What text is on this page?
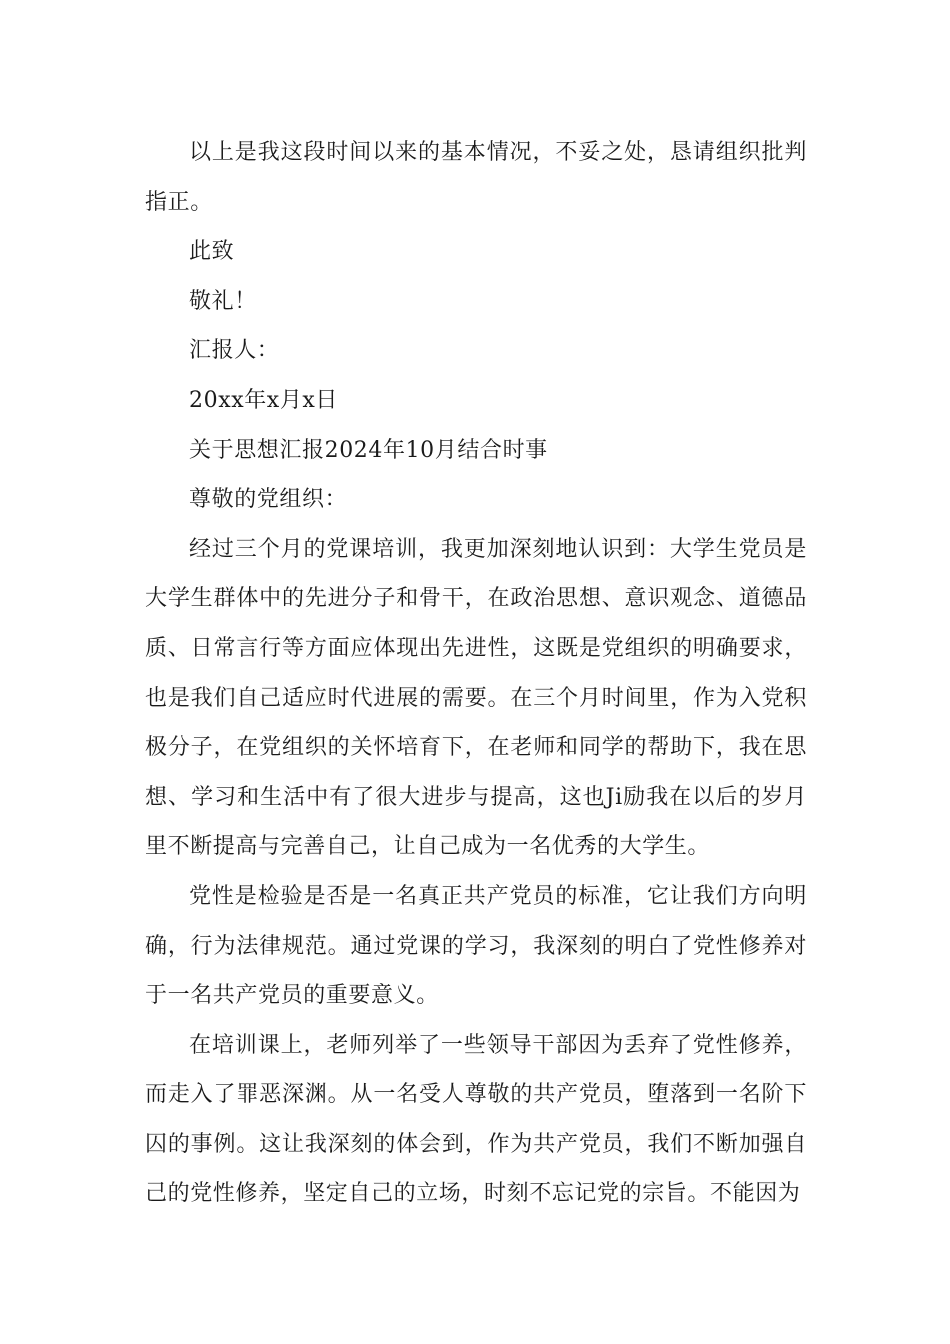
以上是我这段时间以来的基本情况，不妥之处，恳请组织批判指正。

此致

敬礼！

汇报人：

20xx年x月x日

关于思想汇报2024年10月结合时事

尊敬的党组织：

经过三个月的党课培训，我更加深刻地认识到：大学生党员是大学生群体中的先进分子和骨干，在政治思想、意识观念、道德品质、日常言行等方面应体现出先进性，这既是党组织的明确要求，也是我们自己适应时代进展的需要。在三个月时间里，作为入党积极分子，在党组织的关怀培育下，在老师和同学的帮助下，我在思想、学习和生活中有了很大进步与提高，这也Ji励我在以后的岁月里不断提高与完善自己，让自己成为一名优秀的大学生。

党性是检验是否是一名真正共产党员的标准，它让我们方向明确，行为法律规范。通过党课的学习，我深刻的明白了党性修养对于一名共产党员的重要意义。

在培训课上，老师列举了一些领导干部因为丢弃了党性修养，而走入了罪恶深渊。从一名受人尊敬的共产党员，堕落到一名阶下囚的事例。这让我深刻的体会到，作为共产党员，我们不断加强自己的党性修养，坚定自己的立场，时刻不忘记党的宗旨。不能因为
